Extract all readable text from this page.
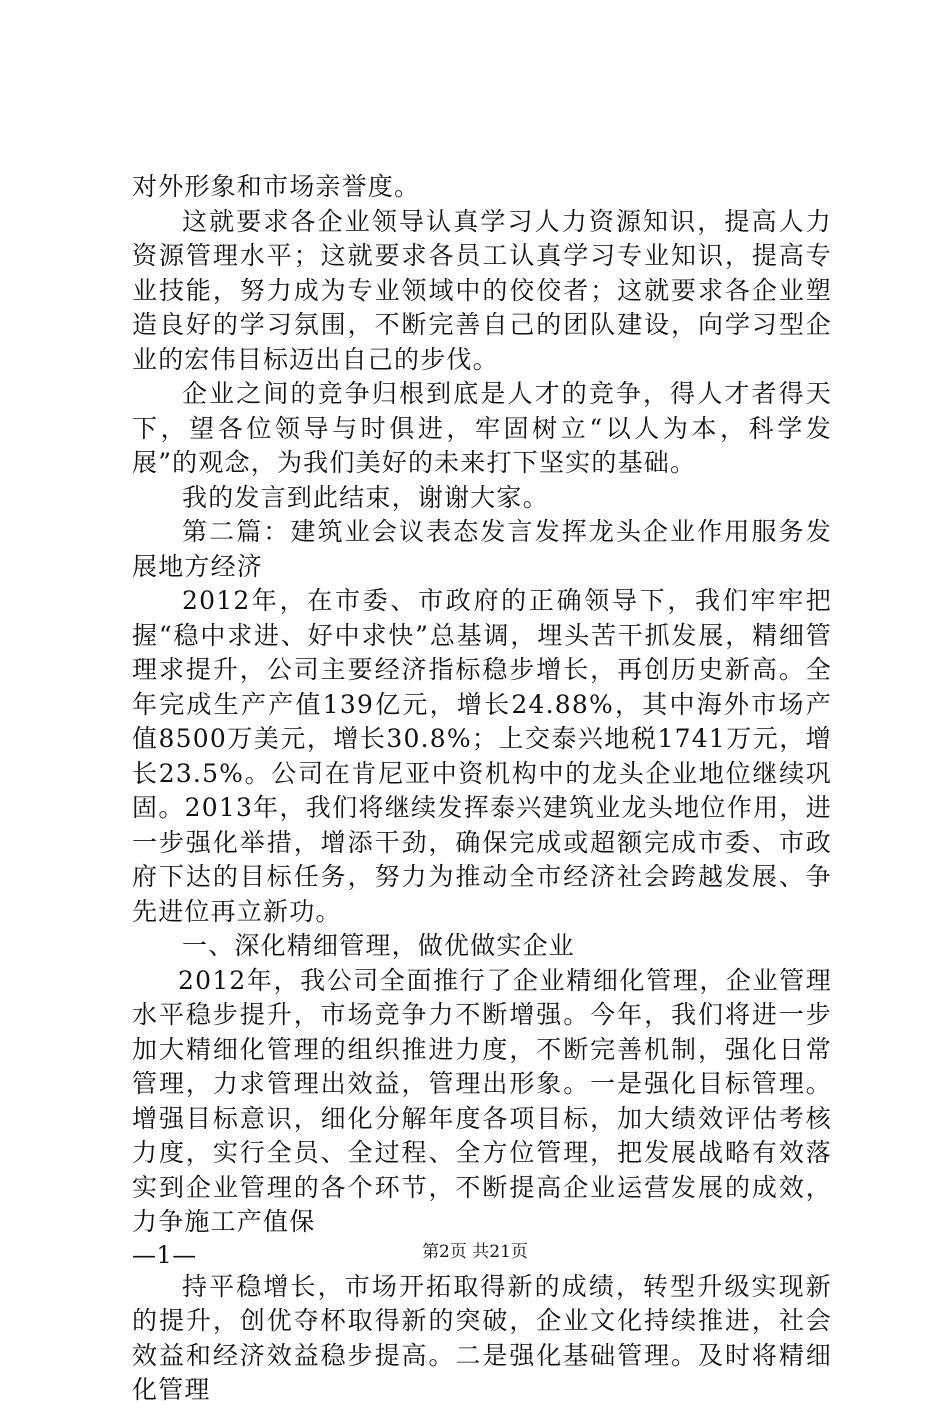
对外形象和市场亲誉度。

这就要求各企业领导认真学习人力资源知识，提高人力资源管理水平；这就要求各员工认真学习专业知识，提高专业技能，努力成为专业领域中的佼佼者；这就要求各企业塑造良好的学习氛围，不断完善自己的团队建设，向学习型企业的宏伟目标迈出自己的步伐。

企业之间的竞争归根到底是人才的竞争，得人才者得天下，望各位领导与时俱进，牢固树立“以人为本，科学发展”的观念，为我们美好的未来打下坚实的基础。

我的发言到此结束，谢谢大家。

第二篇：建筑业会议表态发言发挥龙头企业作用服务发展地方经济

2012年，在市委、市政府的正确领导下，我们牢牢把握“稳中求进、好中求快”总基调，埋头苦干抓发展，精细管理求提升，公司主要经济指标稳步增长，再创历史新高。全年完成生产产值139亿元，增长24.88%，其中海外市场产值8500万美元，增长30.8%；上交泰兴地税1741万元，增长23.5%。公司在肯尼亚中资机构中的龙头企业地位继续巩固。2013年，我们将继续发挥泰兴建筑业龙头地位作用，进一步强化举措，增添干劲，确保完成或超额完成市委、市政府下达的目标任务，努力为推动全市经济社会跨越发展、争先进位再立新功。

一、深化精细管理，做优做实企业

2012年，我公司全面推行了企业精细化管理，企业管理水平稳步提升，市场竞争力不断增强。今年，我们将进一步加大精细化管理的组织推进力度，不断完善机制，强化日常管理，力求管理出效益，管理出形象。一是强化目标管理。增强目标意识，细化分解年度各项目标，加大绩效评估考核力度，实行全员、全过程、全方位管理，把发展战略有效落实到企业管理的各个环节，不断提高企业运营发展的成效，力争施工产值保

—1—

持平稳增长，市场开拓取得新的成绩，转型升级实现新的提升，创优夺杯取得新的突破，企业文化持续推进，社会效益和经济效益稳步提高。二是强化基础管理。及时将精细化管理

第2页 共21页
